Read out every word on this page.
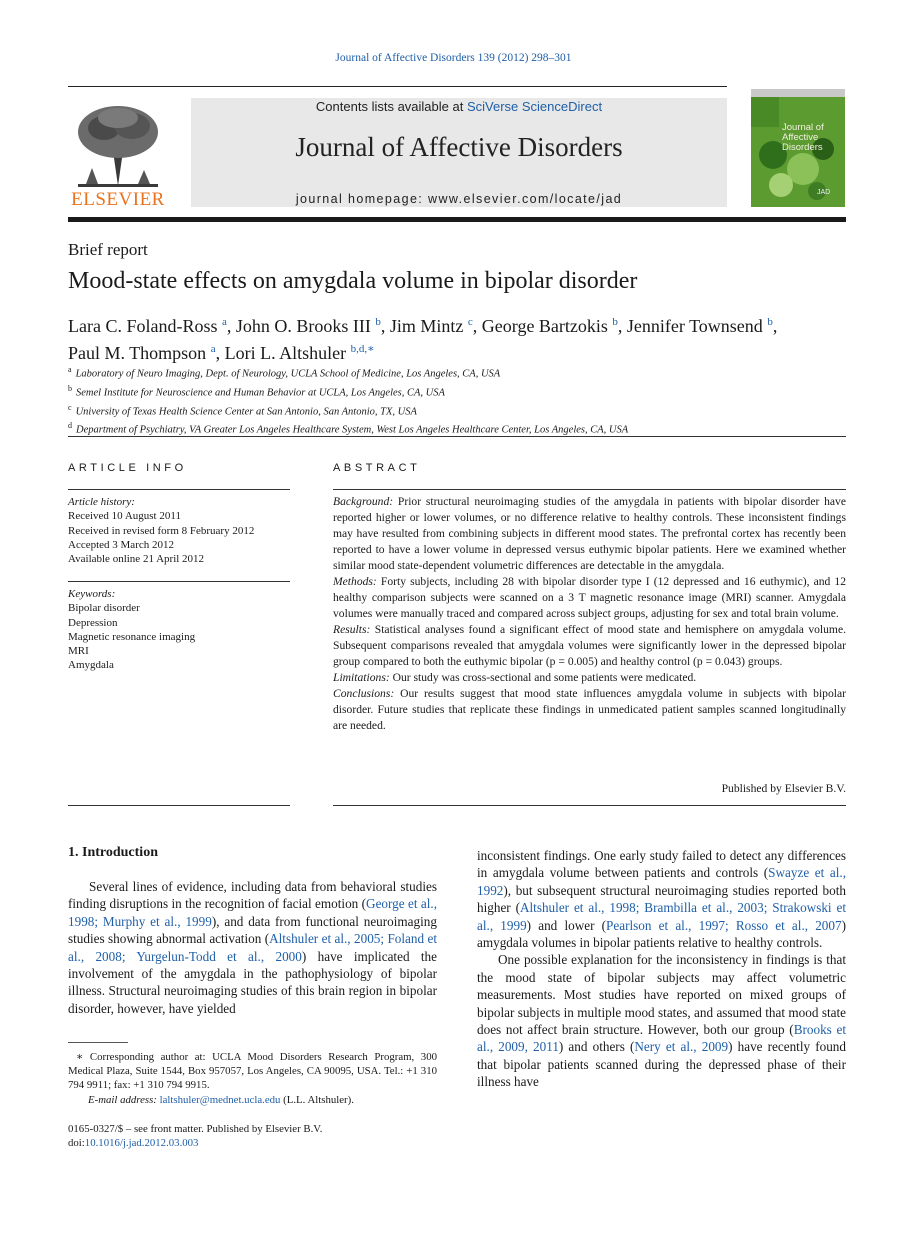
Journal of Affective Disorders 139 (2012) 298–301
ELSEVIER
Contents lists available at SciVerse ScienceDirect
Journal of Affective Disorders
journal homepage: www.elsevier.com/locate/jad
Journal of Affective Disorders
JAD
Brief report
Mood-state effects on amygdala volume in bipolar disorder
Lara C. Foland-Ross $^a$, John O. Brooks III $^b$, Jim Mintz $^c$, George Bartzokis $^b$, Jennifer Townsend $^b$,
Paul M. Thompson $^a$, Lori L. Altshuler $^{b,d,∗}$
$^a$ Laboratory of Neuro Imaging, Dept. of Neurology, UCLA School of Medicine, Los Angeles, CA, USA
$^b$ Semel Institute for Neuroscience and Human Behavior at UCLA, Los Angeles, CA, USA
$^c$ University of Texas Health Science Center at San Antonio, San Antonio, TX, USA
$^d$ Department of Psychiatry, VA Greater Los Angeles Healthcare System, West Los Angeles Healthcare Center, Los Angeles, CA, USA
ARTICLE INFO
Article history:
Received 10 August 2011
Received in revised form 8 February 2012
Accepted 3 March 2012
Available online 21 April 2012
Keywords:
Bipolar disorder
Depression
Magnetic resonance imaging
MRI
Amygdala
ABSTRACT

Background: Prior structural neuroimaging studies of the amygdala in patients with bipolar disorder have reported higher or lower volumes, or no difference relative to healthy controls. These inconsistent findings may have resulted from combining subjects in different mood states. The prefrontal cortex has recently been reported to have a lower volume in depressed versus euthymic bipolar patients. Here we examined whether similar mood state-dependent volumetric differences are detectable in the amygdala.

Methods: Forty subjects, including 28 with bipolar disorder type I (12 depressed and 16 euthymic), and 12 healthy comparison subjects were scanned on a 3 T magnetic resonance image (MRI) scanner. Amygdala volumes were manually traced and compared across subject groups, adjusting for sex and total brain volume.

Results: Statistical analyses found a significant effect of mood state and hemisphere on amygdala volume. Subsequent comparisons revealed that amygdala volumes were significantly lower in the depressed bipolar group compared to both the euthymic bipolar (p = 0.005) and healthy control (p = 0.043) groups.

Limitations: Our study was cross-sectional and some patients were medicated.

Conclusions: Our results suggest that mood state influences amygdala volume in subjects with bipolar disorder. Future studies that replicate these findings in unmedicated patient samples scanned longitudinally are needed.

Published by Elsevier B.V.
1. Introduction

Several lines of evidence, including data from behavioral studies finding disruptions in the recognition of facial emotion (George et al., 1998; Murphy et al., 1999), and data from functional neuroimaging studies showing abnormal activation (Altshuler et al., 2005; Foland et al., 2008; Yurgelun-Todd et al., 2000) have implicated the involvement of the amygdala in the pathophysiology of bipolar illness. Structural neuroimaging studies of this brain region in bipolar disorder, however, have yielded

inconsistent findings. One early study failed to detect any differences in amygdala volume between patients and controls (Swayze et al., 1992), but subsequent structural neuroimaging studies reported both higher (Altshuler et al., 1998; Brambilla et al., 2003; Strakowski et al., 1999) and lower (Pearlson et al., 1997; Rosso et al., 2007) amygdala volumes in bipolar patients relative to healthy controls.

One possible explanation for the inconsistency in findings is that the mood state of bipolar subjects may affect volumetric measurements. Most studies have reported on mixed groups of bipolar subjects in multiple mood states, and assumed that mood state does not affect brain structure. However, both our group (Brooks et al., 2009, 2011) and others (Nery et al., 2009) have recently found that bipolar patients scanned during the depressed phase of their illness have

∗ Corresponding author at: UCLA Mood Disorders Research Program, 300 Medical Plaza, Suite 1544, Box 957057, Los Angeles, CA 90095, USA. Tel.: +1 310 794 9911; fax: +1 310 794 9915.

E-mail address: laltshuler@mednet.ucla.edu (L.L. Altshuler).

0165-0327/$ – see front matter. Published by Elsevier B.V.
doi:10.1016/j.jad.2012.03.003
